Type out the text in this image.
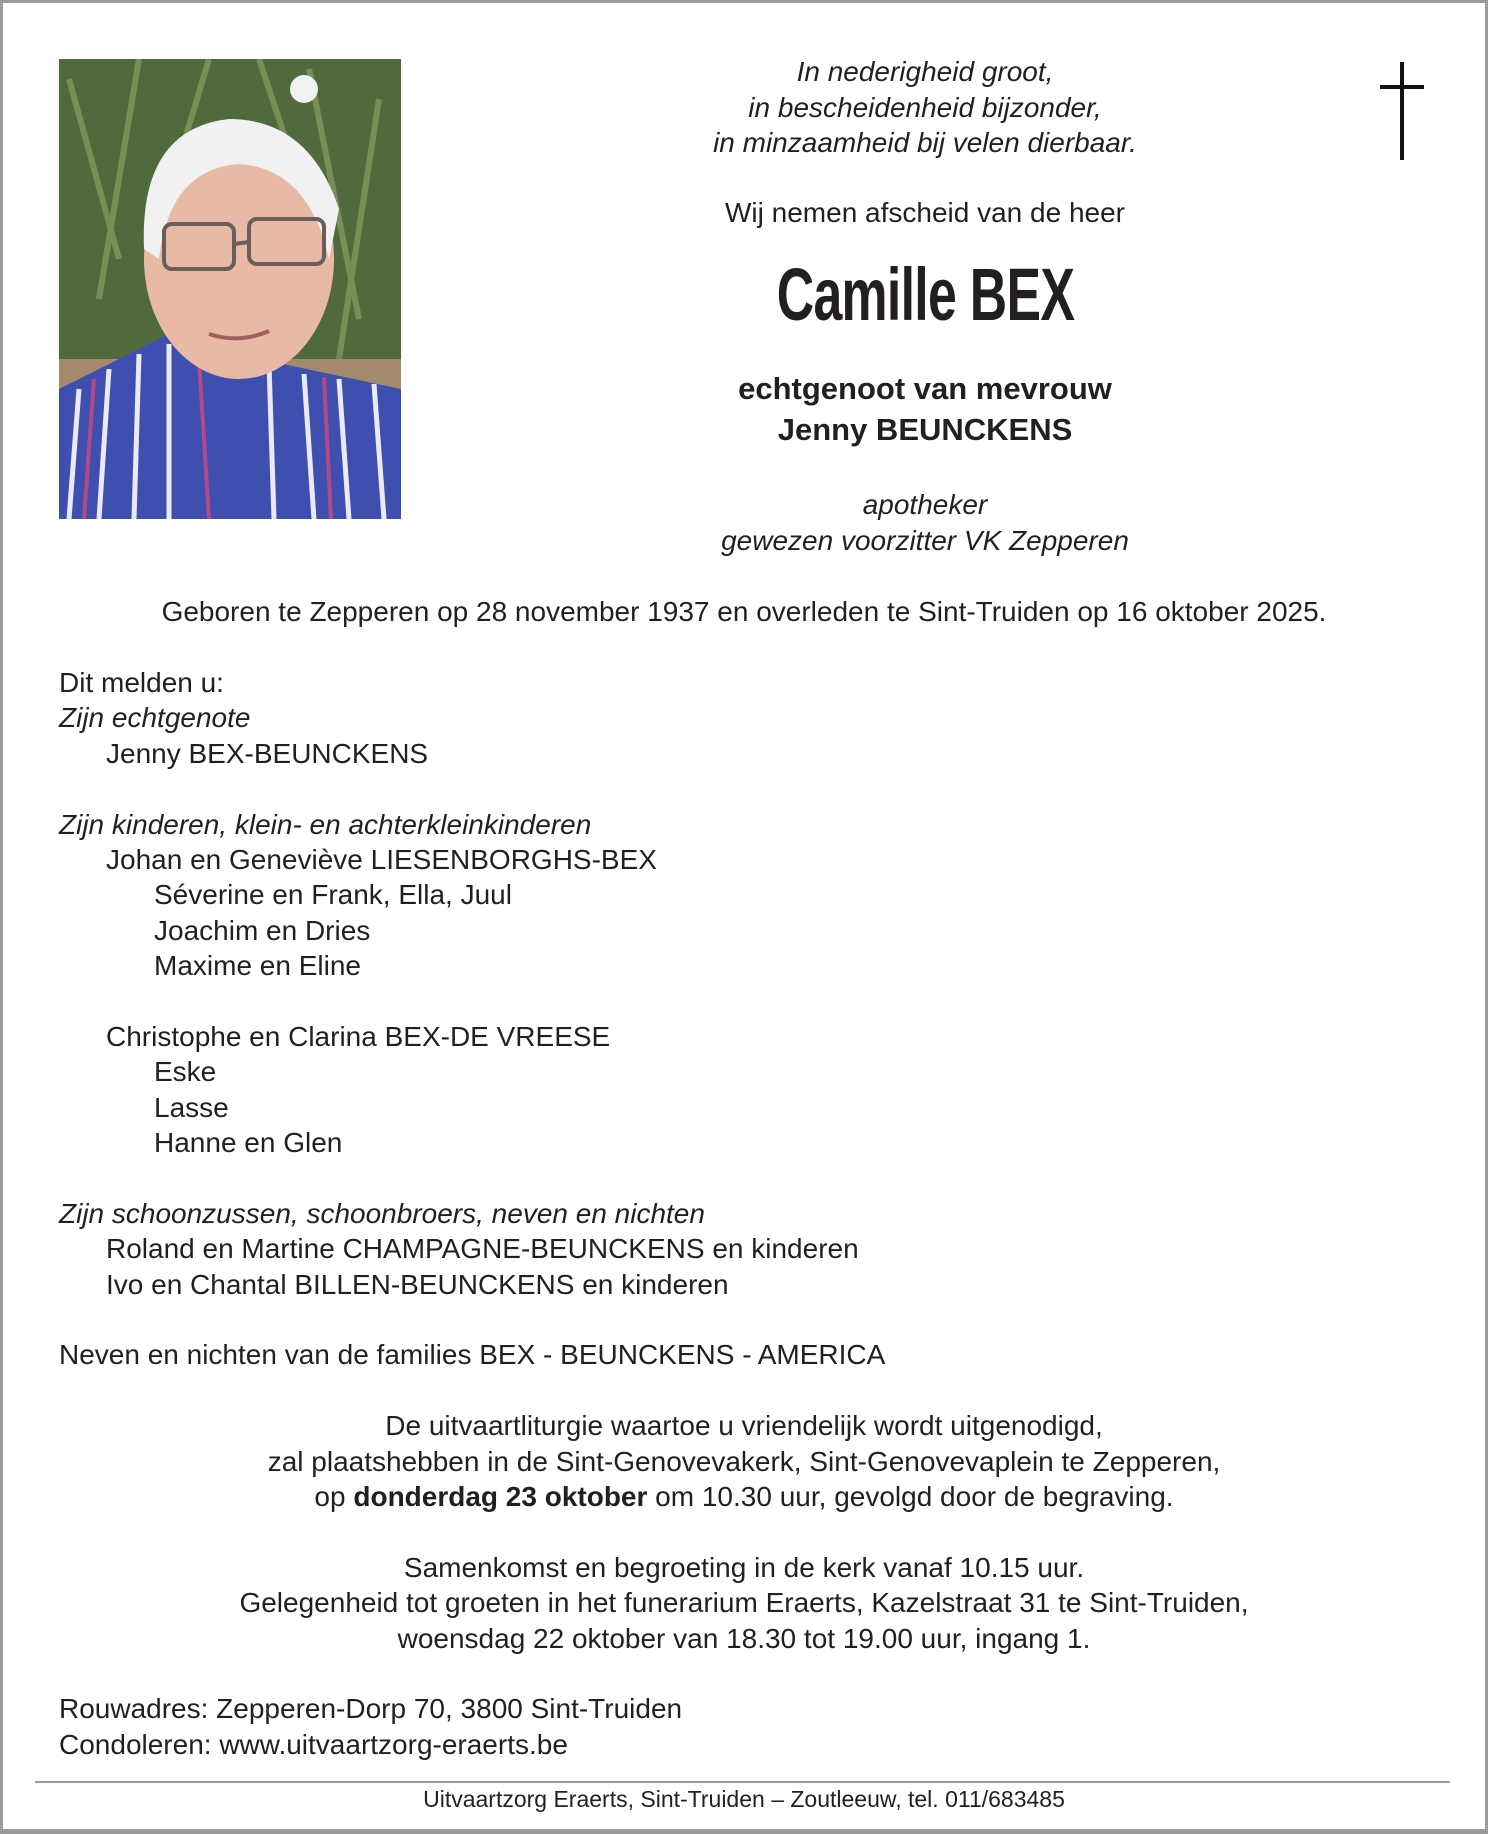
In nederigheid groot,
in bescheidenheid bijzonder,
in minzaamheid bij velen dierbaar.
Wij nemen afscheid van de heer
Camille BEX
echtgenoot van mevrouw
Jenny BEUNCKENS
apotheker
gewezen voorzitter VK Zepperen
Geboren te Zepperen op 28 november 1937 en overleden te Sint-Truiden op 16 oktober 2025.
Dit melden u:
Zijn echtgenote
Jenny BEX-BEUNCKENS
Zijn kinderen, klein- en achterkleinkinderen
Johan en Geneviève LIESENBORGHS-BEX
Séverine en Frank, Ella, Juul
Joachim en Dries
Maxime en Eline
Christophe en Clarina BEX-DE VREESE
Eske
Lasse
Hanne en Glen
Zijn schoonzussen, schoonbroers, neven en nichten
Roland en Martine CHAMPAGNE-BEUNCKENS en kinderen
Ivo en Chantal BILLEN-BEUNCKENS en kinderen
Neven en nichten van de families BEX - BEUNCKENS - AMERICA
De uitvaartliturgie waartoe u vriendelijk wordt uitgenodigd,
zal plaatshebben in de Sint-Genovevakerk, Sint-Genovevaplein te Zepperen,
op donderdag 23 oktober om 10.30 uur, gevolgd door de begraving.
Samenkomst en begroeting in de kerk vanaf 10.15 uur.
Gelegenheid tot groeten in het funerarium Eraerts, Kazelstraat 31 te Sint-Truiden,
woensdag 22 oktober van 18.30 tot 19.00 uur, ingang 1.
Rouwadres: Zepperen-Dorp 70, 3800 Sint-Truiden
Condoleren: www.uitvaartzorg-eraerts.be
Uitvaartzorg Eraerts, Sint-Truiden – Zoutleeuw, tel. 011/683485
